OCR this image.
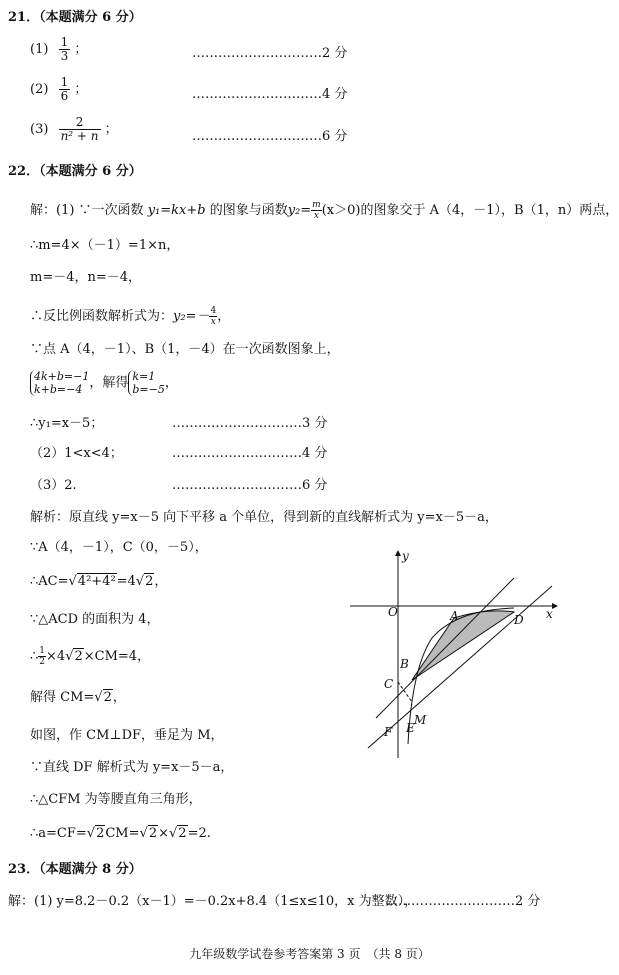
21．（本题满分 6 分）
$(1) \frac{1}{3}$ ；	…………………………2 分
$(2) \frac{1}{6}$ ；	…………………………4 分
$(3) \frac{2}{\text{n² + n}}$ ；	…………………………6 分
22．（本题满分 6 分）
解：(1) ∵一次函数 y₁=kx+b 的图象与函数$y_2= \frac{m}{x} (x>0)$的图象交于 A（4，－1），B（1，n）两点，
∴m=4×（－1）=1×n，
m=－4，n=－4，
∴反比例函数解析式为：$y_2=- \frac{4}{x}$ ，
∵点 A（4，－1）、B（1，－4）在一次函数图象上，
4k+b=−1
k+b=−4 ，解得 k=1
b=−5 ，
∴y₁=x－5；	…………………………3 分
（2）1<x<4；	…………………………4 分
（3）2.	…………………………6 分
解析：原直线 y=x－5 向下平移 a 个单位，得到新的直线解析式为 y=x－5－a，
∵A（4，－1），C（0，－5），
∴AC=√4²+4²=4√2，
∵△ACD 的面积为 4，
∴ $\frac{1}{2} \times 4√2\times CM=4$，
解得 CM=√2，
如图，作 CM⊥DF，垂足为 M，
∵直线 DF 解析式为 y=x－5－a，
∴△CFM 为等腰直角三角形，
∴a=CF=√2CM=√2×√2=2.
O
y
x
A	D
B
C
M
F E
23．（本题满分 8 分）
解：(1) y=8.2－0.2（x－1）=－0.2x+8.4（1≤x≤10，x 为整数），
…………………………2 分
九年级数学试卷参考答案第 3 页　（共 8 页）
